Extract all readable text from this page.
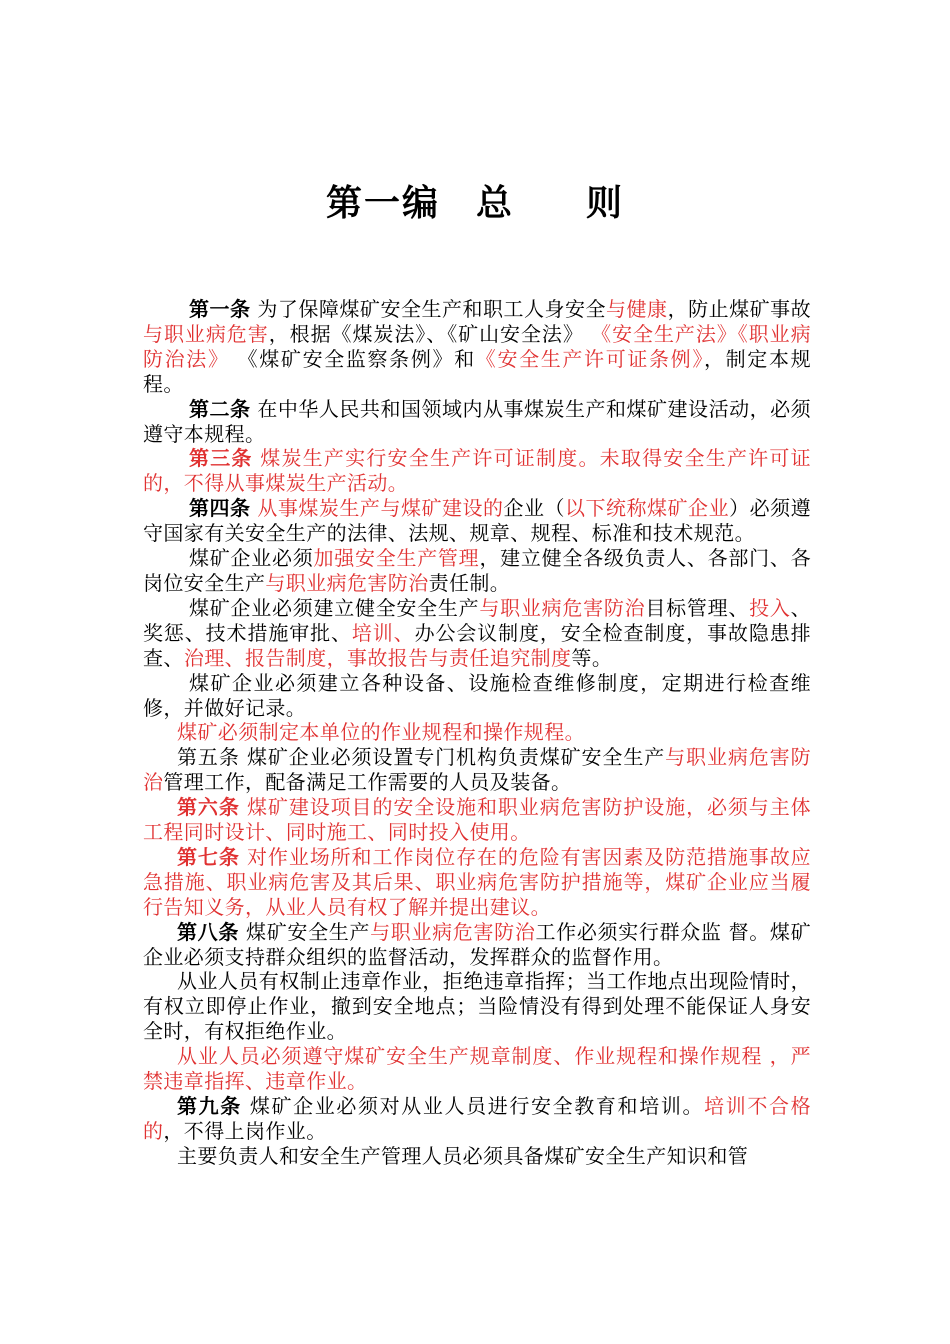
第一编 总 则

第一条 为了保障煤矿安全生产和职工人身安全与健康，防止煤矿事故与职业病危害，根据《煤炭法》、《矿山安全法》 《安全生产法》《职业病防治法》 《煤矿安全监察条例》和《安全生产许可证条例》，制定本规程。

第二条 在中华人民共和国领域内从事煤炭生产和煤矿建设活动，必须遵守本规程。

第三条 煤炭生产实行安全生产许可证制度。未取得安全生产许可证的，不得从事煤炭生产活动。

第四条 从事煤炭生产与煤矿建设的企业（以下统称煤矿企业）必须遵守国家有关安全生产的法律、法规、规章、规程、标准和技术规范。

煤矿企业必须加强安全生产管理，建立健全各级负责人、各部门、各岗位安全生产与职业病危害防治责任制。

煤矿企业必须建立健全安全生产与职业病危害防治目标管理、投入、奖惩、技术措施审批、培训、办公会议制度，安全检查制度，事故隐患排查、治理、报告制度，事故报告与责任追究制度等。

煤矿企业必须建立各种设备、设施检查维修制度，定期进行检查维修，并做好记录。

煤矿必须制定本单位的作业规程和操作规程。

第五条 煤矿企业必须设置专门机构负责煤矿安全生产与职业病危害防治管理工作，配备满足工作需要的人员及装备。

第六条 煤矿建设项目的安全设施和职业病危害防护设施，必须与主体工程同时设计、同时施工、同时投入使用。

第七条 对作业场所和工作岗位存在的危险有害因素及防范措施事故应急措施、职业病危害及其后果、职业病危害防护措施等，煤矿企业应当履行告知义务，从业人员有权了解并提出建议。

第八条 煤矿安全生产与职业病危害防治工作必须实行群众监 督。煤矿企业必须支持群众组织的监督活动，发挥群众的监督作用。

从业人员有权制止违章作业，拒绝违章指挥；当工作地点出现险情时，有权立即停止作业，撤到安全地点；当险情没有得到处理不能保证人身安全时，有权拒绝作业。

从业人员必须遵守煤矿安全生产规章制度、作业规程和操作规程 ，严禁违章指挥、违章作业。

第九条 煤矿企业必须对从业人员进行安全教育和培训。培训不合格的，不得上岗作业。

主要负责人和安全生产管理人员必须具备煤矿安全生产知识和管
